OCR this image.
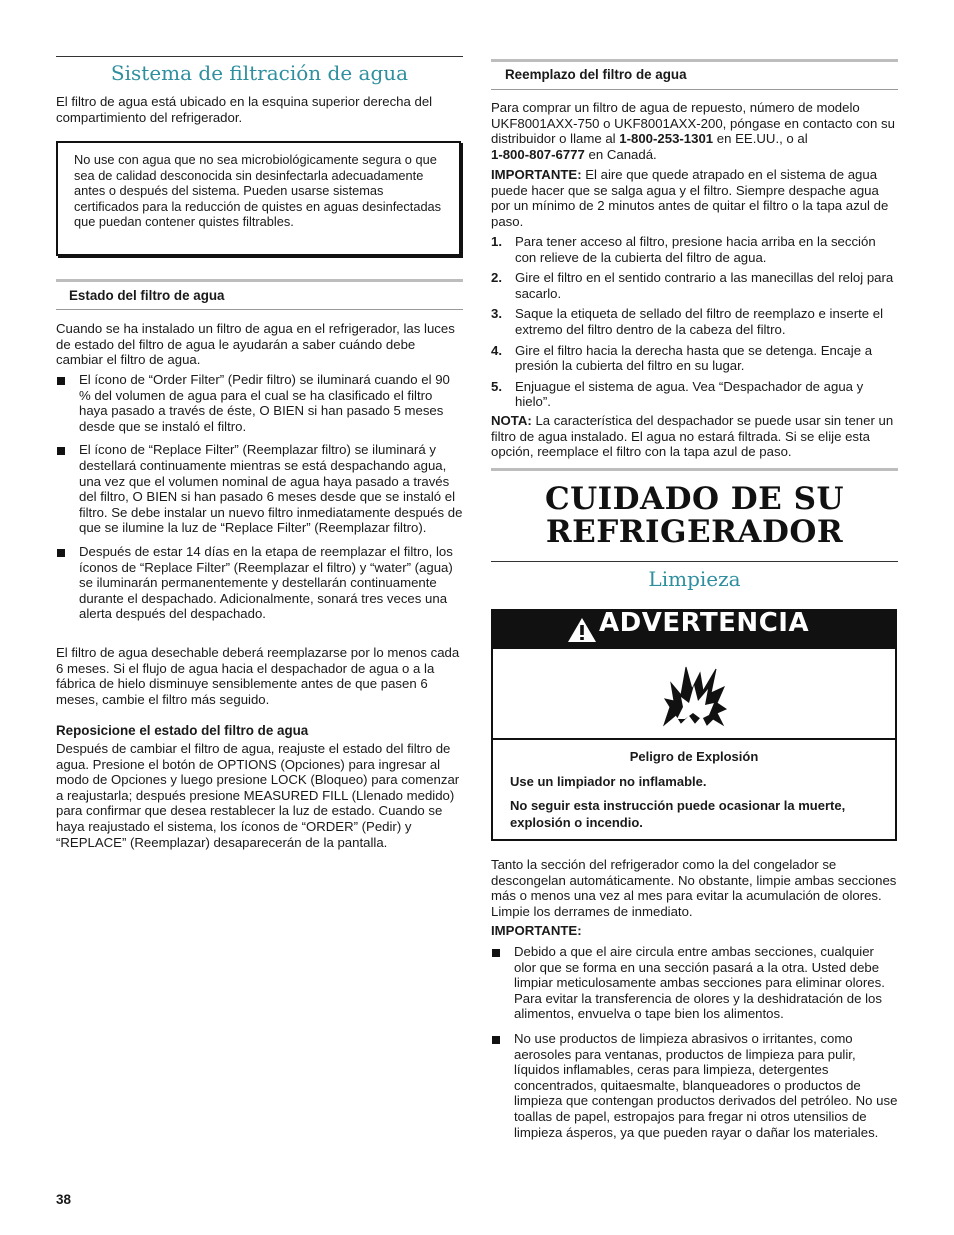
Sistema de filtración de agua

El filtro de agua está ubicado en la esquina superior derecha del compartimiento del refrigerador.

No use con agua que no sea microbiológicamente segura o que sea de calidad desconocida sin desinfectarla adecuadamente antes o después del sistema. Pueden usarse sistemas certificados para la reducción de quistes en aguas desinfectadas que puedan contener quistes filtrables.
Estado del filtro de agua

Cuando se ha instalado un filtro de agua en el refrigerador, las luces de estado del filtro de agua le ayudarán a saber cuándo debe cambiar el filtro de agua.

El ícono de “Order Filter” (Pedir filtro) se iluminará cuando el 90 % del volumen de agua para el cual se ha clasificado el filtro haya pasado a través de éste, O BIEN si han pasado 5 meses desde que se instaló el filtro.
El ícono de “Replace Filter” (Reemplazar filtro) se iluminará y destellará continuamente mientras se está despachando agua, una vez que el volumen nominal de agua haya pasado a través del filtro, O BIEN si han pasado 6 meses desde que se instaló el filtro. Se debe instalar un nuevo filtro inmediatamente después de que se ilumine la luz de “Replace Filter” (Reemplazar filtro).
Después de estar 14 días en la etapa de reemplazar el filtro, los íconos de “Replace Filter” (Reemplazar el filtro) y “water” (agua) se iluminarán permanentemente y destellarán continuamente durante el despachado. Adicionalmente, sonará tres veces una alerta después del despachado.

El filtro de agua desechable deberá reemplazarse por lo menos cada 6 meses. Si el flujo de agua hacia el despachador de agua o a la fábrica de hielo disminuye sensiblemente antes de que pasen 6 meses, cambie el filtro más seguido.

Reposicione el estado del filtro de agua

Después de cambiar el filtro de agua, reajuste el estado del filtro de agua. Presione el botón de OPTIONS (Opciones) para ingresar al modo de Opciones y luego presione LOCK (Bloqueo) para comenzar a reajustarla; después presione MEASURED FILL (Llenado medido) para confirmar que desea restablecer la luz de estado. Cuando se haya reajustado el sistema, los íconos de “ORDER” (Pedir) y “REPLACE” (Reemplazar) desaparecerán de la pantalla.

Reemplazo del filtro de agua

Para comprar un filtro de agua de repuesto, número de modelo UKF8001AXX-750 o UKF8001AXX-200, póngase en contacto con su distribuidor o llame al 1-800-253-1301 en EE.UU., o al
1-800-807-6777 en Canadá.

IMPORTANTE: El aire que quede atrapado en el sistema de agua puede hacer que se salga agua y el filtro. Siempre despache agua por un mínimo de 2 minutos antes de quitar el filtro o la tapa azul de paso.

1. Para tener acceso al filtro, presione hacia arriba en la sección con relieve de la cubierta del filtro de agua.
2. Gire el filtro en el sentido contrario a las manecillas del reloj para sacarlo.
3. Saque la etiqueta de sellado del filtro de reemplazo e inserte el extremo del filtro dentro de la cabeza del filtro.
4. Gire el filtro hacia la derecha hasta que se detenga. Encaje a presión la cubierta del filtro en su lugar.
5. Enjuague el sistema de agua. Vea “Despachador de agua y hielo”.

NOTA: La característica del despachador se puede usar sin tener un filtro de agua instalado. El agua no estará filtrada. Si se elije esta opción, reemplace el filtro con la tapa azul de paso.

CUIDADO DE SU
REFRIGERADOR
Limpieza
ADVERTENCIA
Peligro de Explosión
Use un limpiador no inflamable.
No seguir esta instrucción puede ocasionar la muerte, explosión o incendio.

Tanto la sección del refrigerador como la del congelador se descongelan automáticamente. No obstante, limpie ambas secciones más o menos una vez al mes para evitar la acumulación de olores. Limpie los derrames de inmediato.

IMPORTANTE:

Debido a que el aire circula entre ambas secciones, cualquier olor que se forma en una sección pasará a la otra. Usted debe limpiar meticulosamente ambas secciones para eliminar olores. Para evitar la transferencia de olores y la deshidratación de los alimentos, envuelva o tape bien los alimentos.
No use productos de limpieza abrasivos o irritantes, como aerosoles para ventanas, productos de limpieza para pulir, líquidos inflamables, ceras para limpieza, detergentes concentrados, quitaesmalte, blanqueadores o productos de limpieza que contengan productos derivados del petróleo. No use toallas de papel, estropajos para fregar ni otros utensilios de limpieza ásperos, ya que pueden rayar o dañar los materiales.
38
